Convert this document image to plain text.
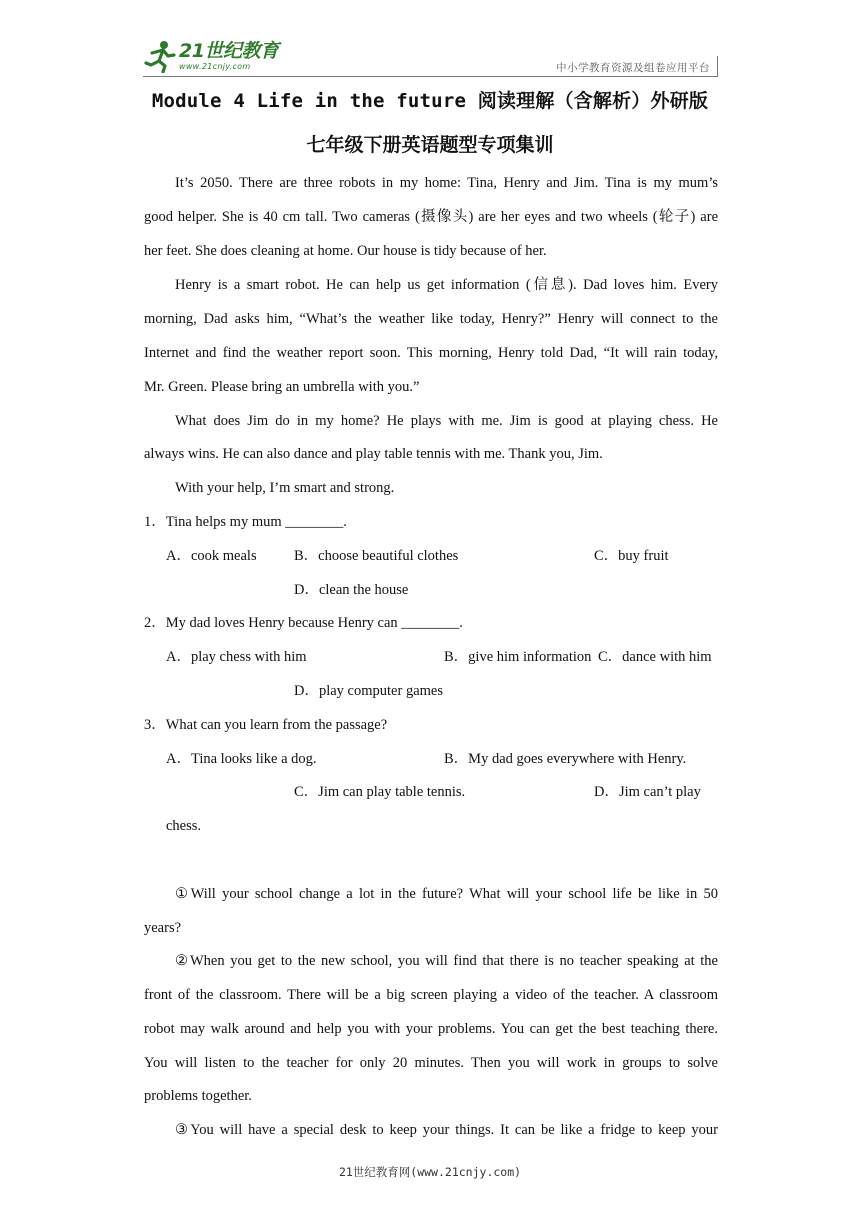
21世纪教育
www.21cnjy.com	中小学教育资源及组卷应用平台
Module 4 Life in the future 阅读理解（含解析）外研版
七年级下册英语题型专项集训
It’s 2050. There are three robots in my home: Tina, Henry and Jim. Tina is my mum’s
good helper. She is 40 cm tall. Two cameras (摄像头) are her eyes and two wheels (轮子) are
her feet. She does cleaning at home. Our house is tidy because of her.
Henry is a smart robot. He can help us get information (信息). Dad loves him. Every
morning, Dad asks him, “What’s the weather like today, Henry?” Henry will connect to the
Internet and find the weather report soon. This morning, Henry told Dad, “It will rain today,
Mr. Green. Please bring an umbrella with you.”
What does Jim do in my home? He plays with me. Jim is good at playing chess. He
always wins. He can also dance and play table tennis with me. Thank you, Jim.
With your help, I’m smart and strong.
1．Tina helps my mum ________.
A．cook meals	B．choose beautiful clothes	C．buy fruit
D．clean the house
2．My dad loves Henry because Henry can ________.
A．play chess with him	B．give him information C．dance with him
D．play computer games
3．What can you learn from the passage?
A．Tina looks like a dog.	B．My dad goes everywhere with Henry.
C．Jim can play table tennis.	D．Jim can’t play
chess.
①Will your school change a lot in the future? What will your school life be like in 50
years?
②When you get to the new school, you will find that there is no teacher speaking at the
front of the classroom. There will be a big screen playing a video of the teacher. A classroom
robot may walk around and help you with your problems. You can get the best teaching there.
You will listen to the teacher for only 20 minutes. Then you will work in groups to solve
problems together.
③You will have a special desk to keep your things. It can be like a fridge to keep your
21世纪教育网(www.21cnjy.com)
